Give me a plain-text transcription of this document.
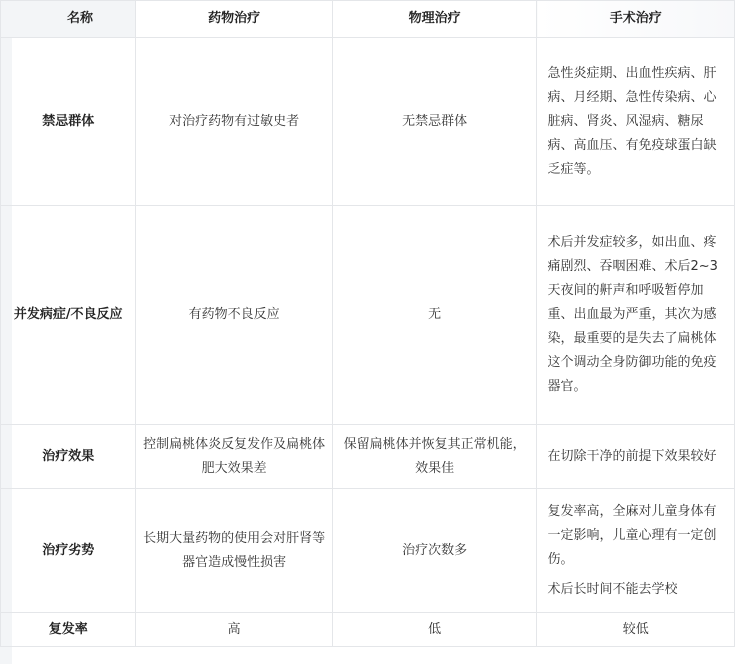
名称	药物治疗	物理治疗	手术治疗
禁忌群体	对治疗药物有过敏史者	无禁忌群体	急性炎症期、出血性疾病、肝病、月经期、急性传染病、心脏病、肾炎、风湿病、糖尿病、高血压、有免疫球蛋白缺乏症等。

并发病症/不良反应	有药物不良反应	无	术后并发症较多，如出血、疼痛剧烈、吞咽困难、术后2~3天夜间的鼾声和呼吸暂停加重、出血最为严重，其次为感染，最重要的是失去了扁桃体这个调动全身防御功能的免疫器官。

治疗效果	控制扁桃体炎反复发作及扁桃体肥大效果差	保留扁桃体并恢复其正常机能，效果佳	在切除干净的前提下效果较好

治疗劣势	长期大量药物的使用会对肝肾等器官造成慢性损害	治疗次数多	复发率高，全麻对儿童身体有一定影响，儿童心理有一定创伤。

术后长时间不能去学校

复发率	高	低	较低
